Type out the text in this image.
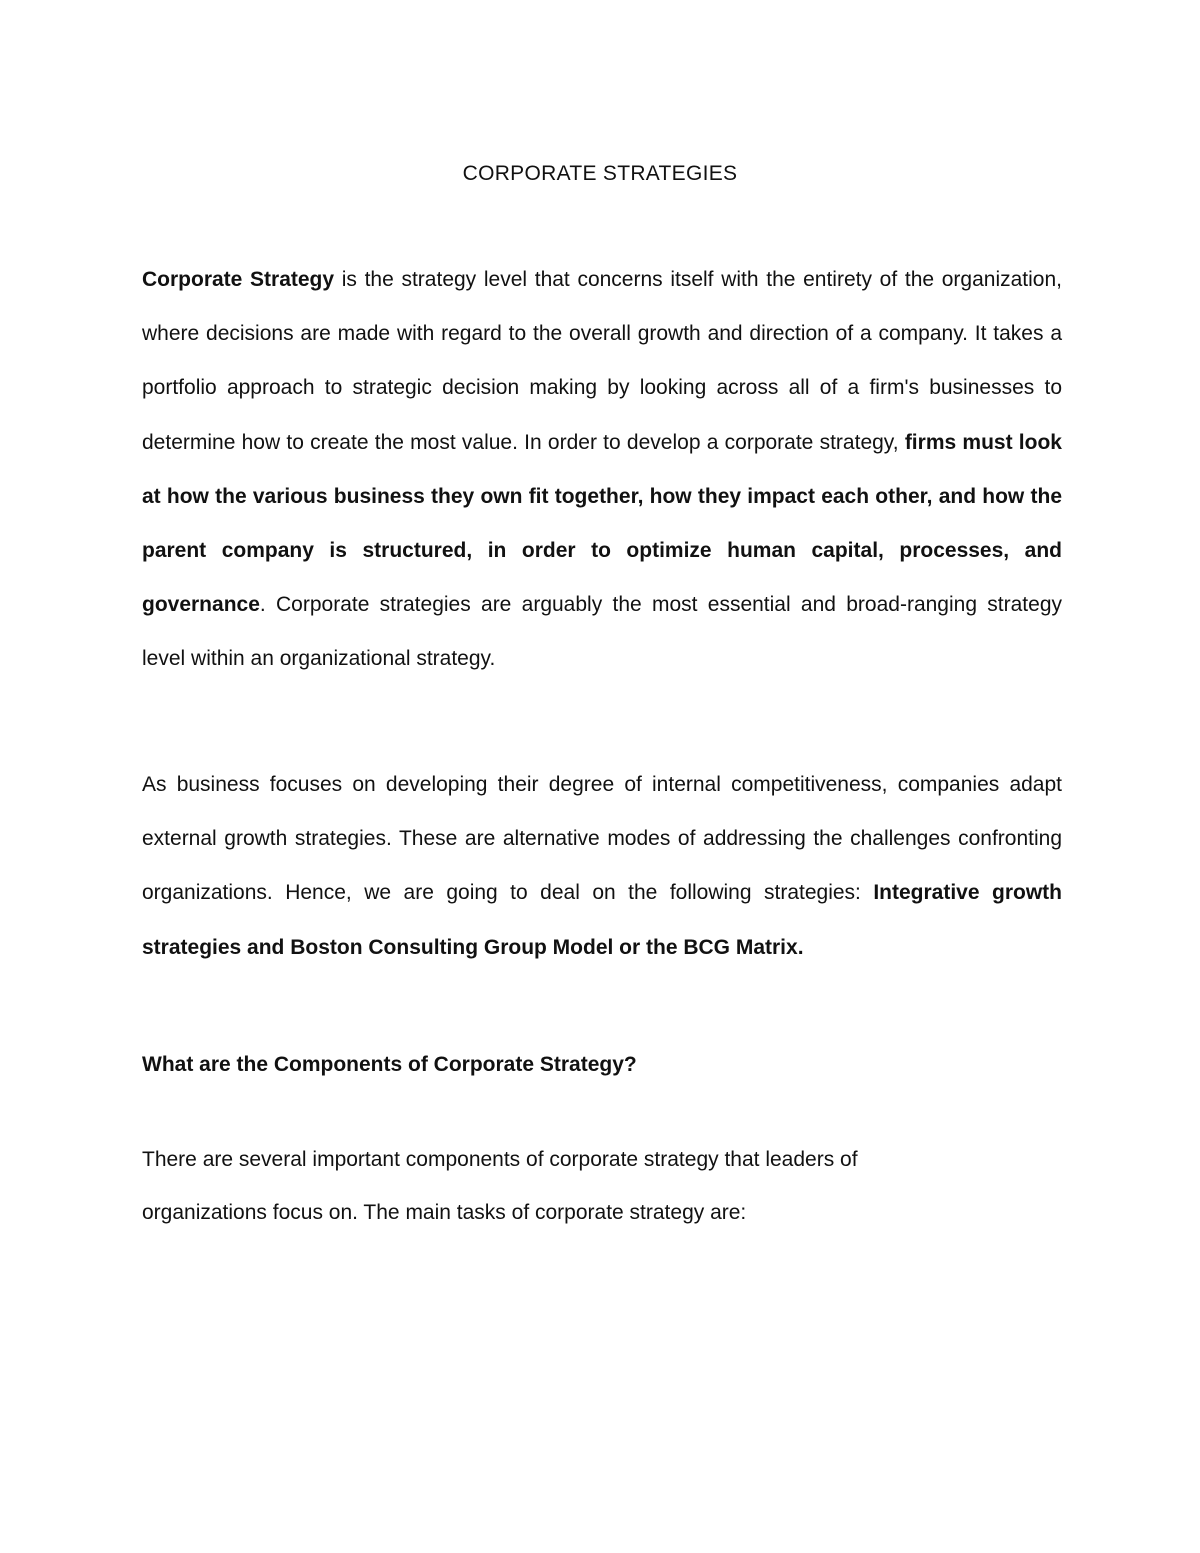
CORPORATE STRATEGIES

Corporate Strategy is the strategy level that concerns itself with the entirety of the organization, where decisions are made with regard to the overall growth and direction of a company. It takes a portfolio approach to strategic decision making by looking across all of a firm's businesses to determine how to create the most value. In order to develop a corporate strategy, firms must look at how the various business they own fit together, how they impact each other, and how the parent company is structured, in order to optimize human capital, processes, and governance. Corporate strategies are arguably the most essential and broad-ranging strategy level within an organizational strategy.

As business focuses on developing their degree of internal competitiveness, companies adapt external growth strategies. These are alternative modes of addressing the challenges confronting organizations. Hence, we are going to deal on the following strategies: Integrative growth strategies and Boston Consulting Group Model or the BCG Matrix.

What are the Components of Corporate Strategy?

There are several important components of corporate strategy that leaders of
organizations focus on. The main tasks of corporate strategy are:
